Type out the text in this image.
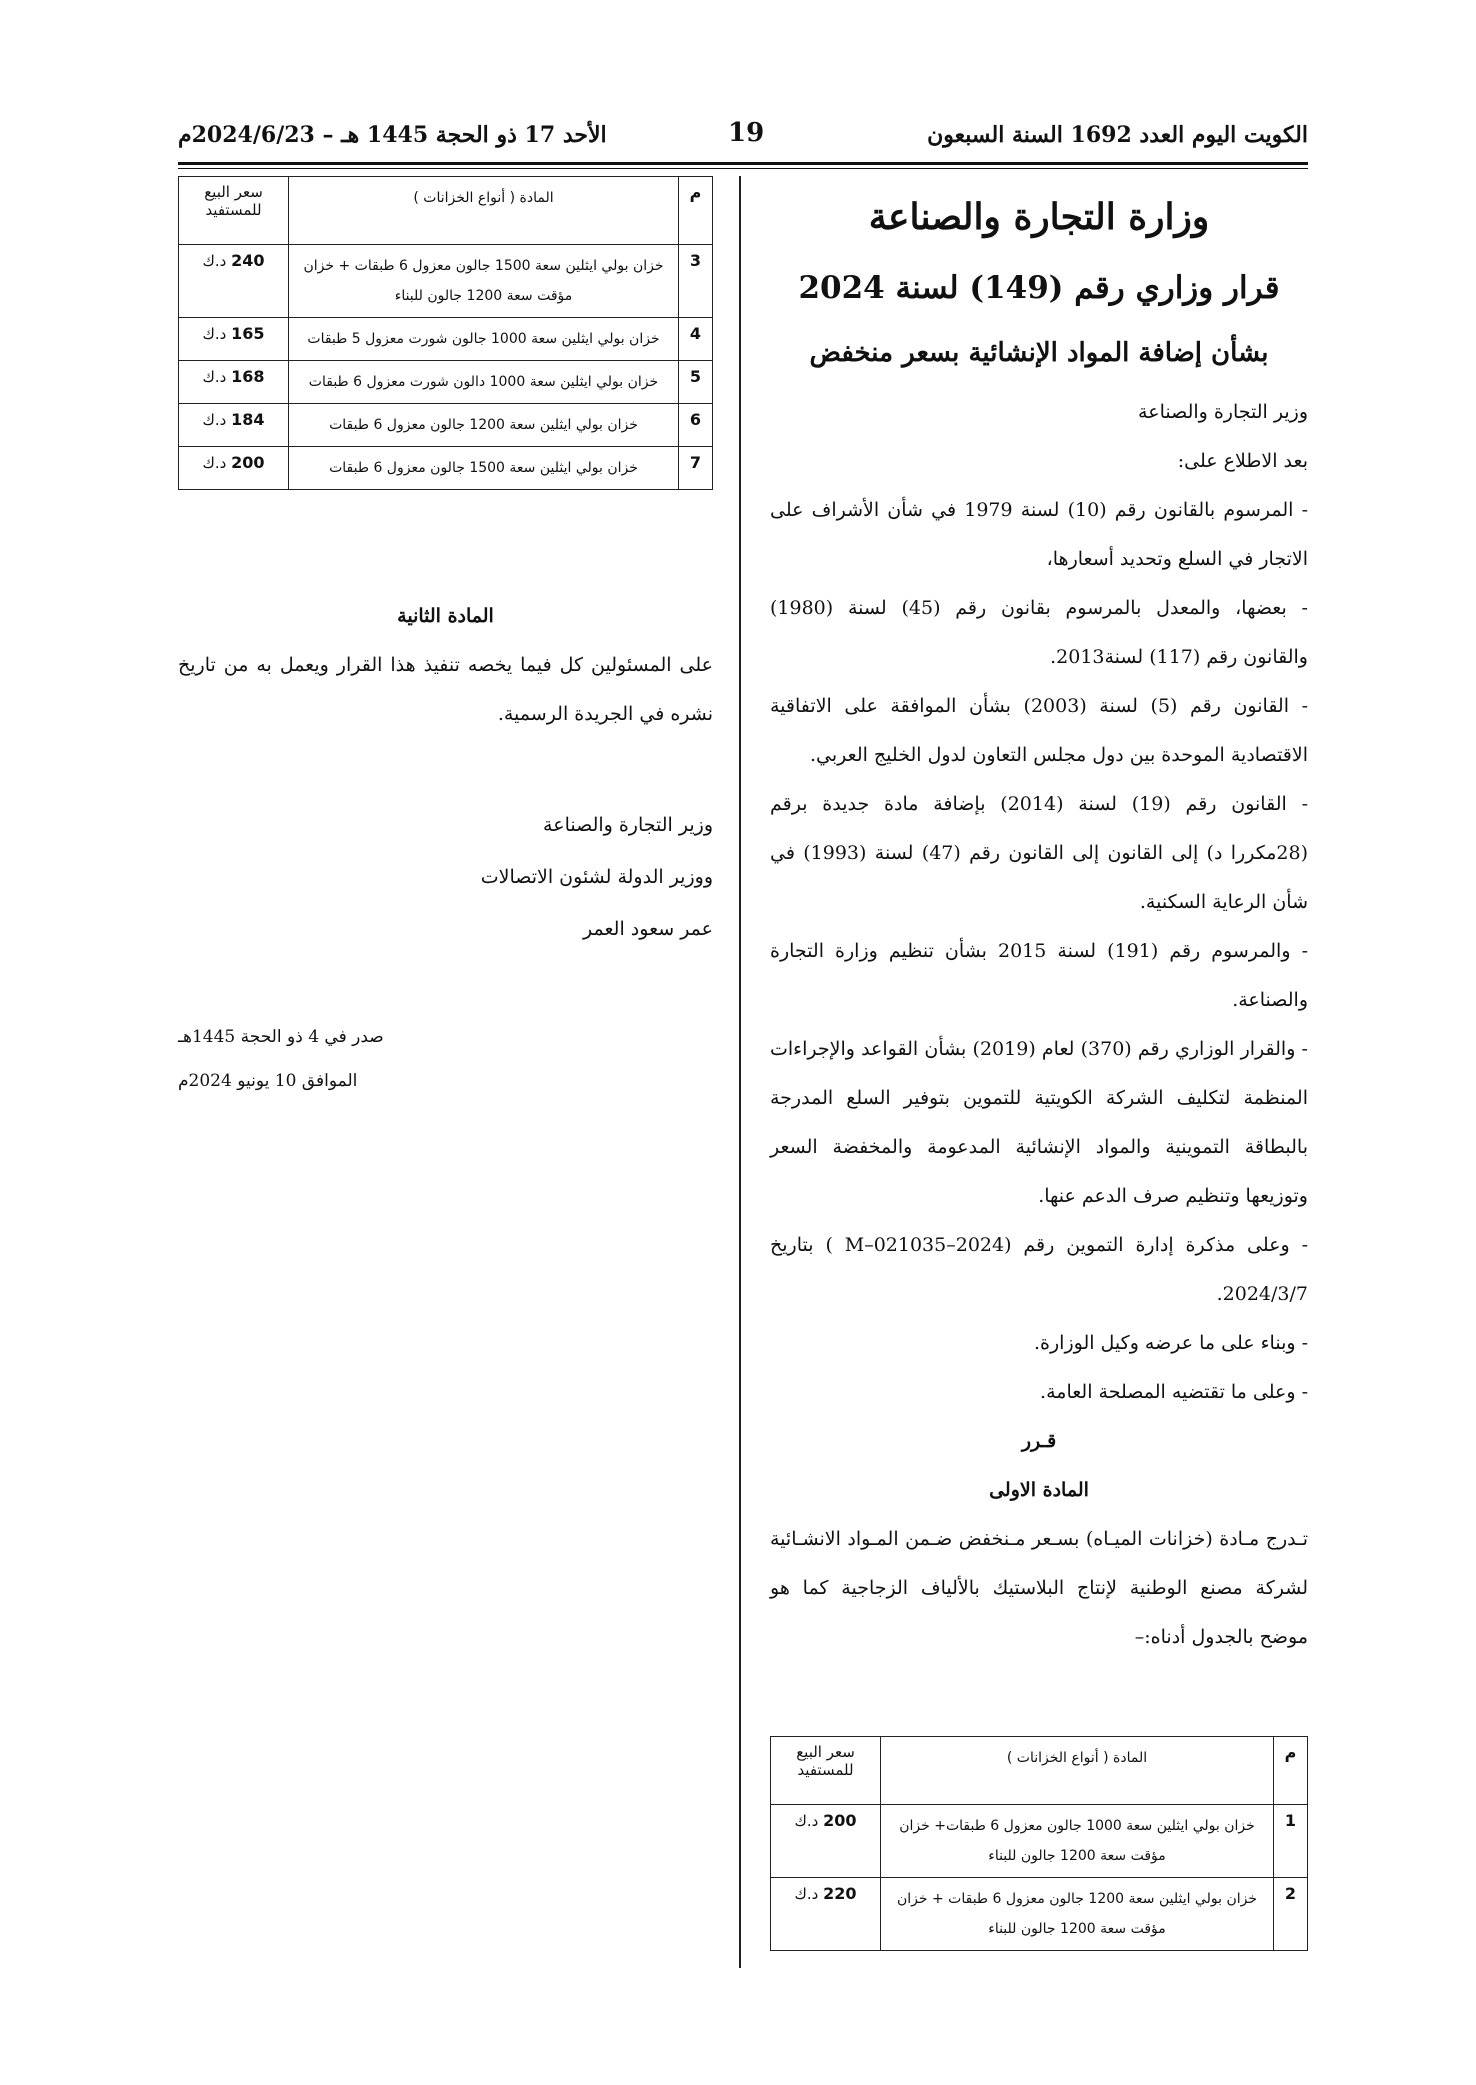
الكويت اليوم العدد 1692 السنة السبعون
19
الأحد 17 ذو الحجة 1445 هـ – 2024/6/23م
وزارة التجارة والصناعة
قرار وزاري رقم (149) لسنة 2024
بشأن إضافة المواد الإنشائية بسعر منخفض

وزير التجارة والصناعة

بعد الاطلاع على:

- المرسوم بالقانون رقم (10) لسنة 1979 في شأن الأشراف على الاتجار في السلع وتحديد أسعارها،

- بعضها، والمعدل بالمرسوم بقانون رقم (45) لسنة (1980) والقانون رقم (117) لسنة2013.

- القانون رقم (5) لسنة (2003) بشأن الموافقة على الاتفاقية الاقتصادية الموحدة بين دول مجلس التعاون لدول الخليج العربي.

- القانون رقم (19) لسنة (2014) بإضافة مادة جديدة برقم (28مكررا د) إلى القانون إلى القانون رقم (47) لسنة (1993) في شأن الرعاية السكنية.

- والمرسوم رقم (191) لسنة 2015 بشأن تنظيم وزارة التجارة والصناعة.

- والقرار الوزاري رقم (370) لعام (2019) بشأن القواعد والإجراءات المنظمة لتكليف الشركة الكويتية للتموين بتوفير السلع المدرجة بالبطاقة التموينية والمواد الإنشائية المدعومة والمخفضة السعر وتوزيعها وتنظيم صرف الدعم عنها.

- وعلى مذكرة إدارة التموين رقم (M–021035–2024 ) بتاريخ 2024/3/7.

- وبناء على ما عرضه وكيل الوزارة.

- وعلى ما تقتضيه المصلحة العامة.

قـرر
المادة الاولى
تـدرج مـادة (خزانات الميـاه) بسـعر مـنخفض ضـمن المـواد الانشـائية لشركة مصنع الوطنية لإنتاج البلاستيك بالألياف الزجاجية كما هو موضح بالجدول أدناه:–
م	المادة ( أنواع الخزانات )	سعر البيع للمستفيد
1	خزان بولي ايثلين سعة 1000 جالون معزول 6 طبقات+ خزان مؤقت سعة 1200 جالون للبناء	200 د.ك
2	خزان بولي ايثلين سعة 1200 جالون معزول 6 طبقات + خزان مؤقت سعة 1200 جالون للبناء	220 د.ك
م	المادة ( أنواع الخزانات )	سعر البيع للمستفيد
3	خزان بولي ايثلين سعة 1500 جالون معزول 6 طبقات + خزان مؤقت سعة 1200 جالون للبناء	240 د.ك
4	خزان بولي ايثلين سعة 1000 جالون شورت معزول 5 طبقات	165 د.ك
5	خزان بولي ايثلين سعة 1000 دالون شورت معزول 6 طبقات	168 د.ك
6	خزان بولي ايثلين سعة 1200 جالون معزول 6 طبقات	184 د.ك
7	خزان بولي ايثلين سعة 1500 جالون معزول 6 طبقات	200 د.ك
المادة الثانية
على المسئولين كل فيما يخصه تنفيذ هذا القرار ويعمل به من تاريخ نشره في الجريدة الرسمية.
وزير التجارة والصناعة
ووزير الدولة لشئون الاتصالات
عمر سعود العمر
صدر في 4 ذو الحجة 1445هـ
الموافق 10 يونيو 2024م
